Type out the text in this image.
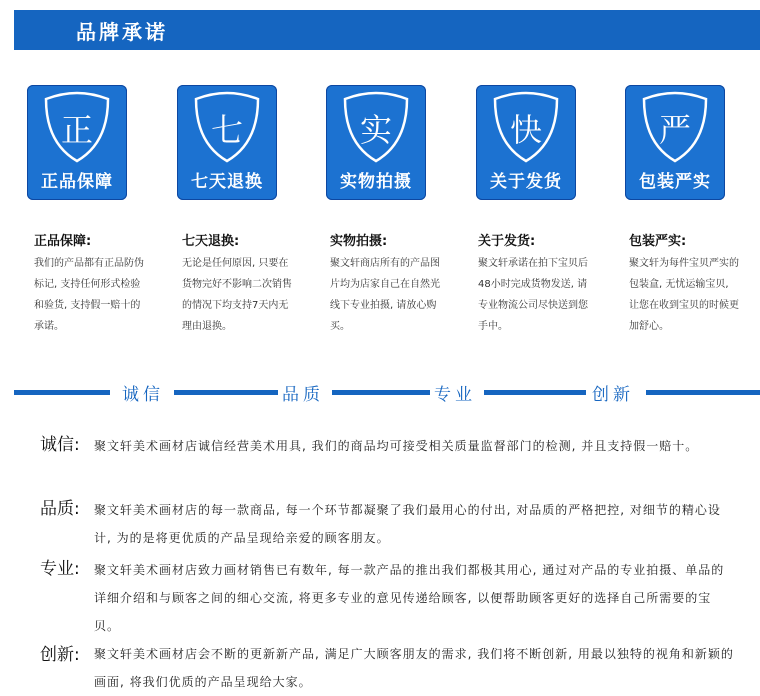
品牌承诺
正
正品保障
七
七天退换
实
实物拍摄
快
关于发货
严
包装严实
正品保障:
我们的产品都有正品防伪标记, 支持任何形式检验和验货, 支持假一赔十的承诺。
七天退换:
无论是任何原因, 只要在货物完好不影响二次销售的情况下均支持7天内无理由退换。
实物拍摄:
聚文轩商店所有的产品图片均为店家自己在自然光线下专业拍摄, 请放心购买。
关于发货:
聚文轩承诺在拍下宝贝后48小时完成货物发送, 请专业物流公司尽快送到您手中。
包装严实:
聚文轩为每件宝贝严实的包装盒, 无忧运输宝贝, 让您在收到宝贝的时候更加舒心。
诚信	品质	专业	创新
诚信: 聚文轩美术画材店诚信经营美术用具, 我们的商品均可接受相关质量监督部门的检测, 并且支持假一赔十。
品质: 聚文轩美术画材店的每一款商品, 每一个环节都凝聚了我们最用心的付出, 对品质的严格把控, 对细节的精心设计, 为的是将更优质的产品呈现给亲爱的顾客朋友。
专业: 聚文轩美术画材店致力画材销售已有数年, 每一款产品的推出我们都极其用心, 通过对产品的专业拍摄、单品的详细介绍和与顾客之间的细心交流, 将更多专业的意见传递给顾客, 以便帮助顾客更好的选择自己所需要的宝贝。
创新: 聚文轩美术画材店会不断的更新新产品, 满足广大顾客朋友的需求, 我们将不断创新, 用最以独特的视角和新颖的画面, 将我们优质的产品呈现给大家。
